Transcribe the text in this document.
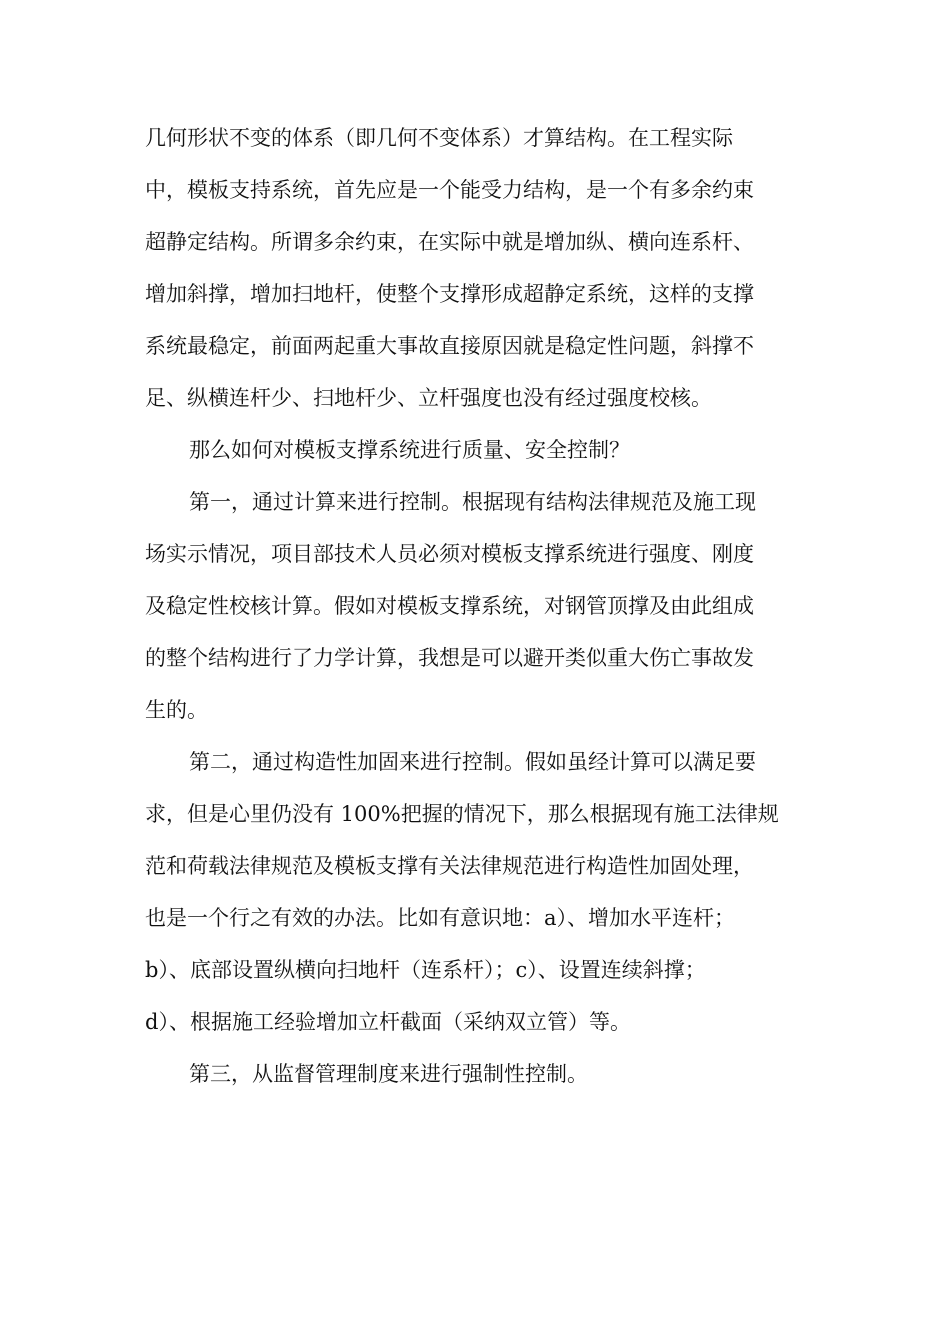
几何形状不变的体系（即几何不变体系）才算结构。在工程实际
中，模板支持系统，首先应是一个能受力结构，是一个有多余约束
超静定结构。所谓多余约束，在实际中就是增加纵、横向连系杆、
增加斜撑，增加扫地杆，使整个支撑形成超静定系统，这样的支撑
系统最稳定，前面两起重大事故直接原因就是稳定性问题，斜撑不
足、纵横连杆少、扫地杆少、立杆强度也没有经过强度校核。
那么如何对模板支撑系统进行质量、安全控制？
第一，通过计算来进行控制。根据现有结构法律规范及施工现
场实示情况，项目部技术人员必须对模板支撑系统进行强度、刚度
及稳定性校核计算。假如对模板支撑系统，对钢管顶撑及由此组成
的整个结构进行了力学计算，我想是可以避开类似重大伤亡事故发
生的。
第二，通过构造性加固来进行控制。假如虽经计算可以满足要
求，但是心里仍没有 100%把握的情况下，那么根据现有施工法律规
范和荷载法律规范及模板支撑有关法律规范进行构造性加固处理，
也是一个行之有效的办法。比如有意识地：a）、增加水平连杆；
b）、底部设置纵横向扫地杆（连系杆）；c）、设置连续斜撑；
d）、根据施工经验增加立杆截面（采纳双立管）等。
第三，从监督管理制度来进行强制性控制。
